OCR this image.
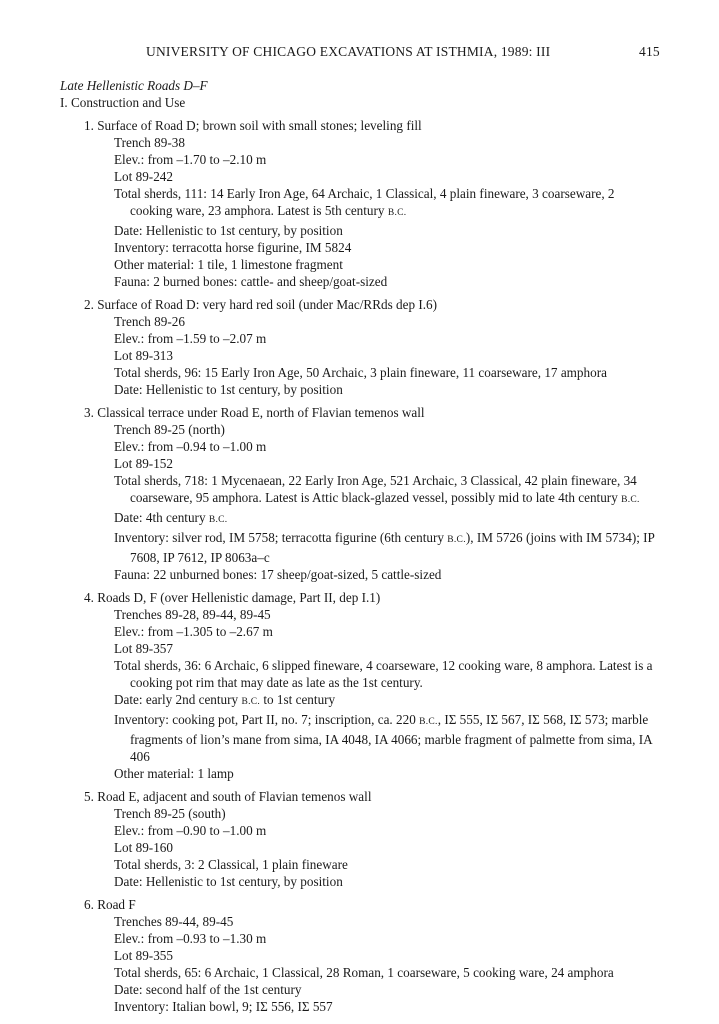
UNIVERSITY OF CHICAGO EXCAVATIONS AT ISTHMIA, 1989: III	415

Late Hellenistic Roads D–F

I. Construction and Use

1. Surface of Road D; brown soil with small stones; leveling fill
Trench 89-38
Elev.: from –1.70 to –2.10 m
Lot 89-242
Total sherds, 111: 14 Early Iron Age, 64 Archaic, 1 Classical, 4 plain fineware, 3 coarseware, 2 cooking ware, 23 amphora. Latest is 5th century B.C.
Date: Hellenistic to 1st century, by position
Inventory: terracotta horse figurine, IM 5824
Other material: 1 tile, 1 limestone fragment
Fauna: 2 burned bones: cattle- and sheep/goat-sized
2. Surface of Road D: very hard red soil (under Mac/RRds dep I.6)
Trench 89-26
Elev.: from –1.59 to –2.07 m
Lot 89-313
Total sherds, 96: 15 Early Iron Age, 50 Archaic, 3 plain fineware, 11 coarseware, 17 amphora
Date: Hellenistic to 1st century, by position
3. Classical terrace under Road E, north of Flavian temenos wall
Trench 89-25 (north)
Elev.: from –0.94 to –1.00 m
Lot 89-152
Total sherds, 718: 1 Mycenaean, 22 Early Iron Age, 521 Archaic, 3 Classical, 42 plain fineware, 34 coarseware, 95 amphora. Latest is Attic black-glazed vessel, possibly mid to late 4th century B.C.
Date: 4th century B.C.
Inventory: silver rod, IM 5758; terracotta figurine (6th century B.C.), IM 5726 (joins with IM 5734); IP 7608, IP 7612, IP 8063a–c
Fauna: 22 unburned bones: 17 sheep/goat-sized, 5 cattle-sized
4. Roads D, F (over Hellenistic damage, Part II, dep I.1)
Trenches 89-28, 89-44, 89-45
Elev.: from –1.305 to –2.67 m
Lot 89-357
Total sherds, 36: 6 Archaic, 6 slipped fineware, 4 coarseware, 12 cooking ware, 8 amphora. Latest is a cooking pot rim that may date as late as the 1st century.
Date: early 2nd century B.C. to 1st century
Inventory: cooking pot, Part II, no. 7; inscription, ca. 220 B.C., IΣ 555, IΣ 567, IΣ 568, IΣ 573; marble fragments of lion’s mane from sima, IA 4048, IA 4066; marble fragment of palmette from sima, IA 406
Other material: 1 lamp
5. Road E, adjacent and south of Flavian temenos wall
Trench 89-25 (south)
Elev.: from –0.90 to –1.00 m
Lot 89-160
Total sherds, 3: 2 Classical, 1 plain fineware
Date: Hellenistic to 1st century, by position
6. Road F
Trenches 89-44, 89-45
Elev.: from –0.93 to –1.30 m
Lot 89-355
Total sherds, 65: 6 Archaic, 1 Classical, 28 Roman, 1 coarseware, 5 cooking ware, 24 amphora
Date: second half of the 1st century
Inventory: Italian bowl, 9; IΣ 556, IΣ 557
